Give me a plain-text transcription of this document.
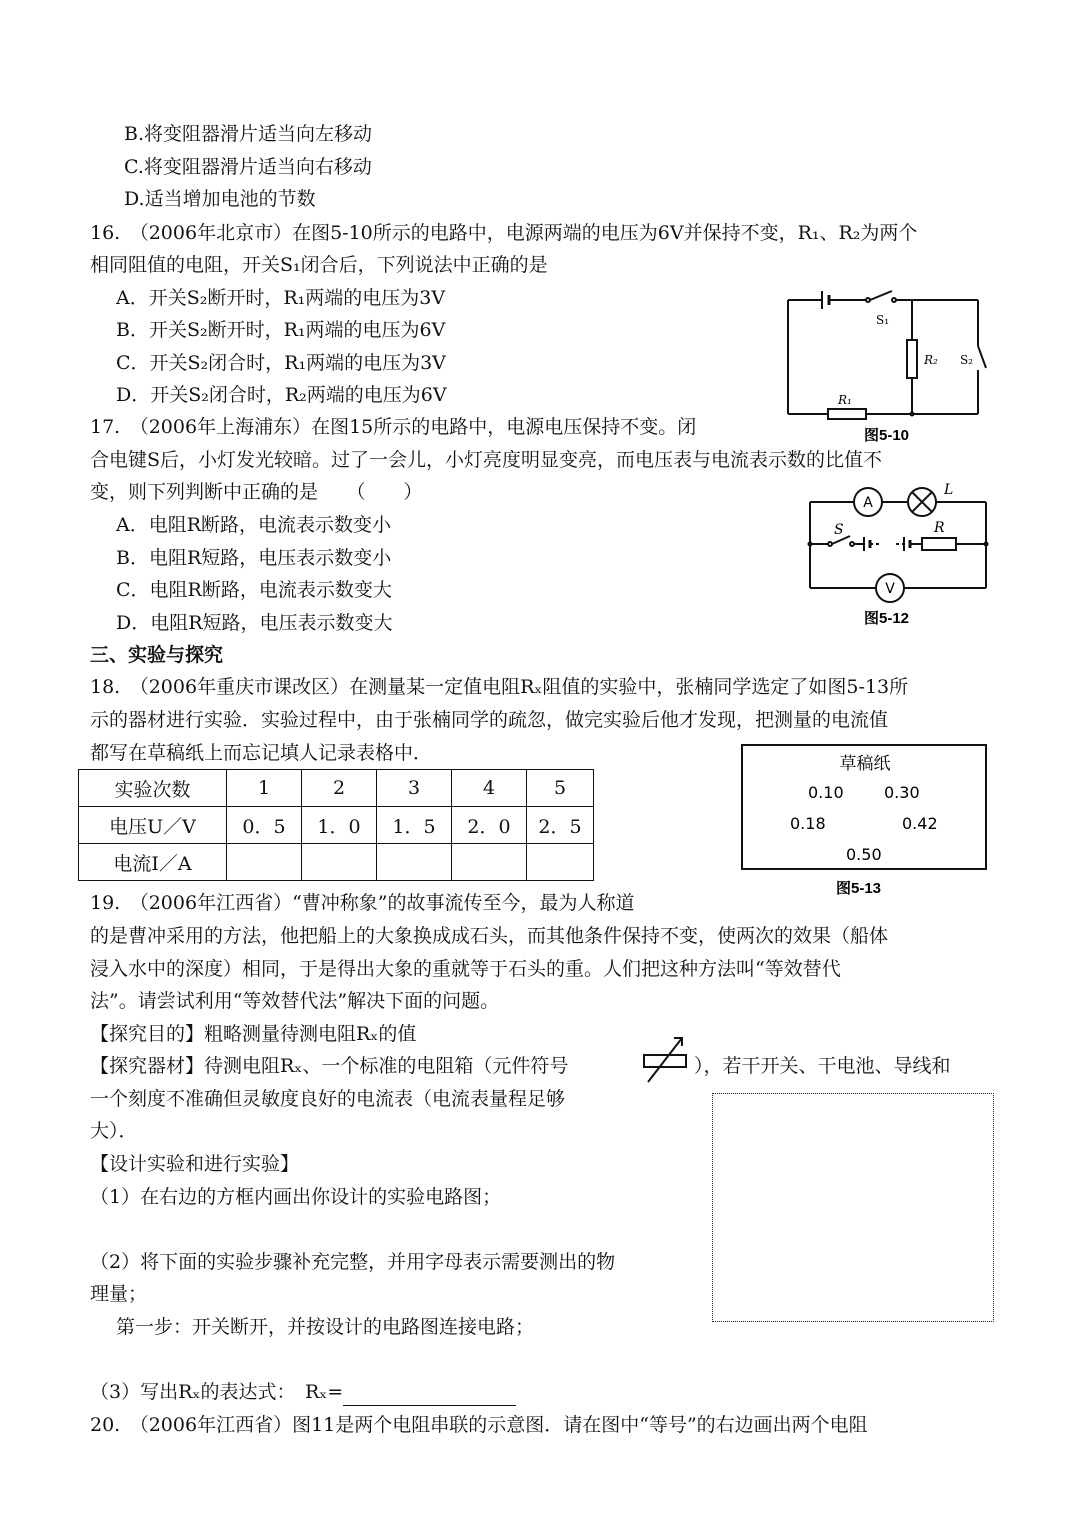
B.将变阻器滑片适当向左移动
C.将变阻器滑片适当向右移动
D.适当增加电池的节数
16.　（2006年北京市）在图5-10所示的电路中，电源两端的电压为6V并保持不变，R₁、R₂为两个
相同阻值的电阻，开关S₁闭合后，下列说法中正确的是
A．开关S₂断开时，R₁两端的电压为3V
B．开关S₂断开时，R₁两端的电压为6V
C．开关S₂闭合时，R₁两端的电压为3V
D．开关S₂闭合时，R₂两端的电压为6V
S₁
R₂ S₂
R₁
图5-10
17.　（2006年上海浦东）在图15所示的电路中，电源电压保持不变。闭
合电键S后，小灯发光较暗。过了一会儿，小灯亮度明显变亮，而电压表与电流表示数的比值不
变，则下列判断中正确的是　　（　　）
A．电阻R断路，电流表示数变小
B．电阻R短路，电压表示数变小
C．电阻R断路，电流表示数变大
D．电阻R短路，电压表示数变大
A
L
S	R
V
图5-12
三、实验与探究
18.　（2006年重庆市课改区）在测量某一定值电阻Rₓ阻值的实验中，张楠同学选定了如图5-13所
示的器材进行实验．实验过程中，由于张楠同学的疏忽，做完实验后他才发现，把测量的电流值
都写在草稿纸上而忘记填人记录表格中．
实验次数	1	2	3	4	5
电压U／V	0．5	1．0	1．5	2．0	2．5
电流I／A					
草稿纸
0.10	0.30
0.18	0.42
0.50
图5-13
19.　（2006年江西省）“曹冲称象”的故事流传至今，最为人称道
的是曹冲采用的方法，他把船上的大象换成成石头，而其他条件保持不变，使两次的效果（船体
浸入水中的深度）相同，于是得出大象的重就等于石头的重。人们把这种方法叫“等效替代
法”。请尝试利用“等效替代法”解决下面的问题。
【探究目的】粗略测量待测电阻Rₓ的值
【探究器材】待测电阻Rₓ、一个标准的电阻箱（元件符号	），若干开关、干电池、导线和
一个刻度不准确但灵敏度良好的电流表（电流表量程足够
大）．
【设计实验和进行实验】
（1）在右边的方框内画出你设计的实验电路图；
（2）将下面的实验步骤补充完整，并用字母表示需要测出的物
理量；
第一步：开关断开，并按设计的电路图连接电路；
（3）写出Rₓ的表达式：　Rₓ=
20.　（2006年江西省）图11是两个电阻串联的示意图．请在图中“等号”的右边画出两个电阻
